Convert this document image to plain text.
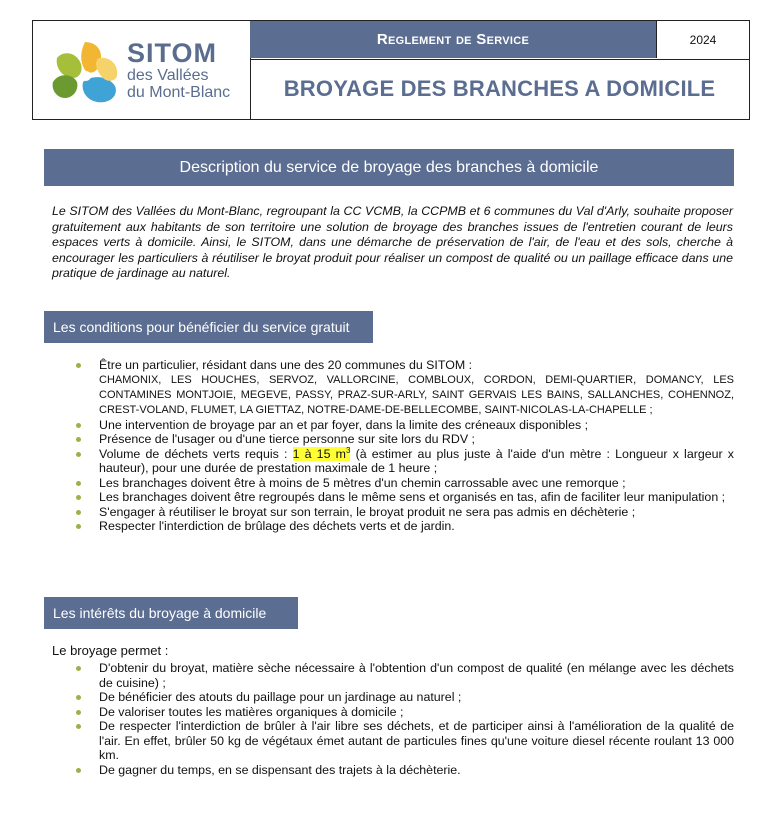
SITOM
des Vallées
du Mont-Blanc
Reglement de Service	2024
BROYAGE DES BRANCHES A DOMICILE
Description du service de broyage des branches à domicile
Le SITOM des Vallées du Mont-Blanc, regroupant la CC VCMB, la CCPMB et 6 communes du Val d'Arly, souhaite proposer gratuitement aux habitants de son territoire une solution de broyage des branches issues de l'entretien courant de leurs espaces verts à domicile. Ainsi, le SITOM, dans une démarche de préservation de l'air, de l'eau et des sols, cherche à encourager les particuliers à réutiliser le broyat produit pour réaliser un compost de qualité ou un paillage efficace dans une pratique de jardinage au naturel.
Les conditions pour bénéficier du service gratuit
Être un particulier, résidant dans une des 20 communes du SITOM :
CHAMONIX, LES HOUCHES, SERVOZ, VALLORCINE, COMBLOUX, CORDON, DEMI-QUARTIER, DOMANCY, LES CONTAMINES MONTJOIE, MEGEVE, PASSY, PRAZ-SUR-ARLY, SAINT GERVAIS LES BAINS, SALLANCHES, COHENNOZ, CREST-VOLAND, FLUMET, LA GIETTAZ, NOTRE-DAME-DE-BELLECOMBE, SAINT-NICOLAS-LA-CHAPELLE ;
Une intervention de broyage par an et par foyer, dans la limite des créneaux disponibles ;
Présence de l'usager ou d'une tierce personne sur site lors du RDV ;
Volume de déchets verts requis : 1 à 15 $m^3$ (à estimer au plus juste à l'aide d'un mètre : Longueur x largeur x hauteur), pour une durée de prestation maximale de 1 heure ;
Les branchages doivent être à moins de 5 mètres d'un chemin carrossable avec une remorque ;
Les branchages doivent être regroupés dans le même sens et organisés en tas, afin de faciliter leur manipulation ;
S'engager à réutiliser le broyat sur son terrain, le broyat produit ne sera pas admis en déchèterie ;
Respecter l'interdiction de brûlage des déchets verts et de jardin.
Les intérêts du broyage à domicile
Le broyage permet :
D'obtenir du broyat, matière sèche nécessaire à l'obtention d'un compost de qualité (en mélange avec les déchets de cuisine) ;
De bénéficier des atouts du paillage pour un jardinage au naturel ;
De valoriser toutes les matières organiques à domicile ;
De respecter l'interdiction de brûler à l'air libre ses déchets, et de participer ainsi à l'amélioration de la qualité de l'air. En effet, brûler 50 kg de végétaux émet autant de particules fines qu'une voiture diesel récente roulant 13 000 km.
De gagner du temps, en se dispensant des trajets à la déchèterie.
